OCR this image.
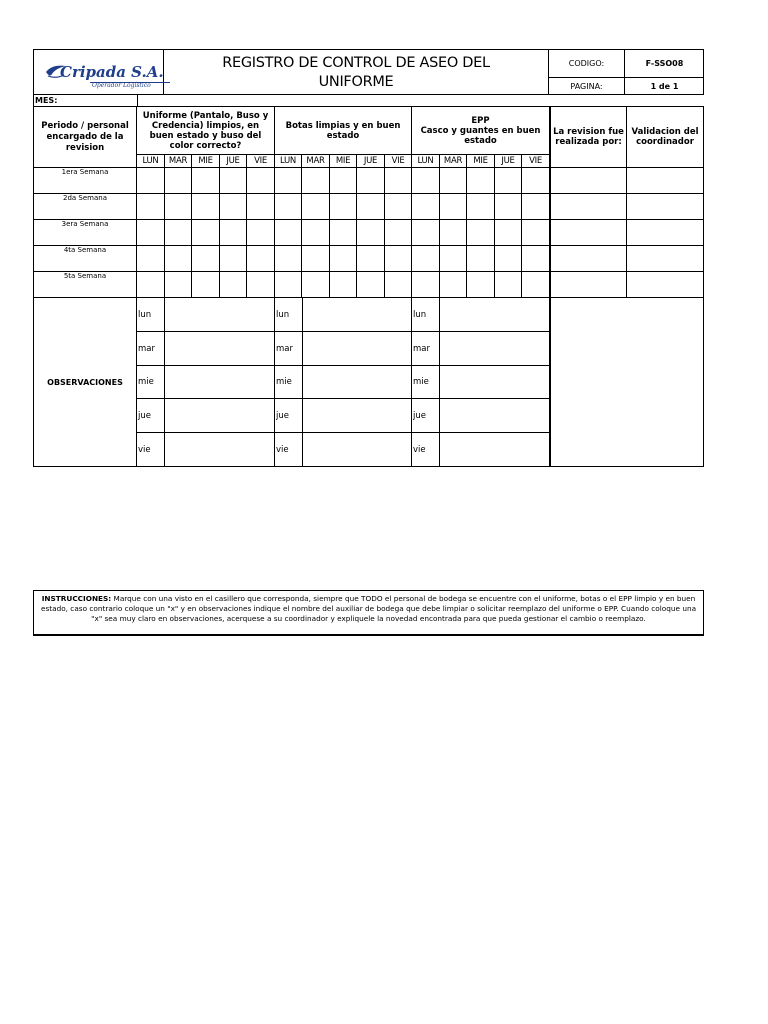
Cripada S.A.
Operador Logístico
REGISTRO DE CONTROL DE ASEO DEL
UNIFORME
CODIGO:	F-SSO08
PAGINA:	1 de 1
MES:
Periodo / personal encargado de la revision
Uniforme (Pantalo, Buso y Credencia) limpios, en buen estado y buso del color correcto?
Botas limpias y en buen estado
EPP
Casco y guantes en buen estado
La revision fue realizada por:
Validacion del coordinador
LUN	MAR	MIE	JUE	VIE	LUN	MAR	MIE	JUE	VIE	LUN	MAR	MIE	JUE	VIE
1era Semana
2da Semana
3era Semana
4ta Semana
5ta Semana
OBSERVACIONES
lun	lun	lun
mar	mar	mar
mie	mie	mie
jue	jue	jue
vie	vie	vie
INSTRUCCIONES: Marque con una visto en el casillero que corresponda, siempre que TODO el personal de bodega se encuentre con el uniforme, botas o el EPP limpio y en buen estado, caso contrario coloque un "x" y en observaciones indique el nombre del auxiliar de bodega que debe limpiar o solicitar reemplazo del uniforme o EPP. Cuando coloque una "x" sea muy claro en observaciones, acerquese a su coordinador y expliquele la novedad encontrada para que pueda gestionar el cambio o reemplazo.
